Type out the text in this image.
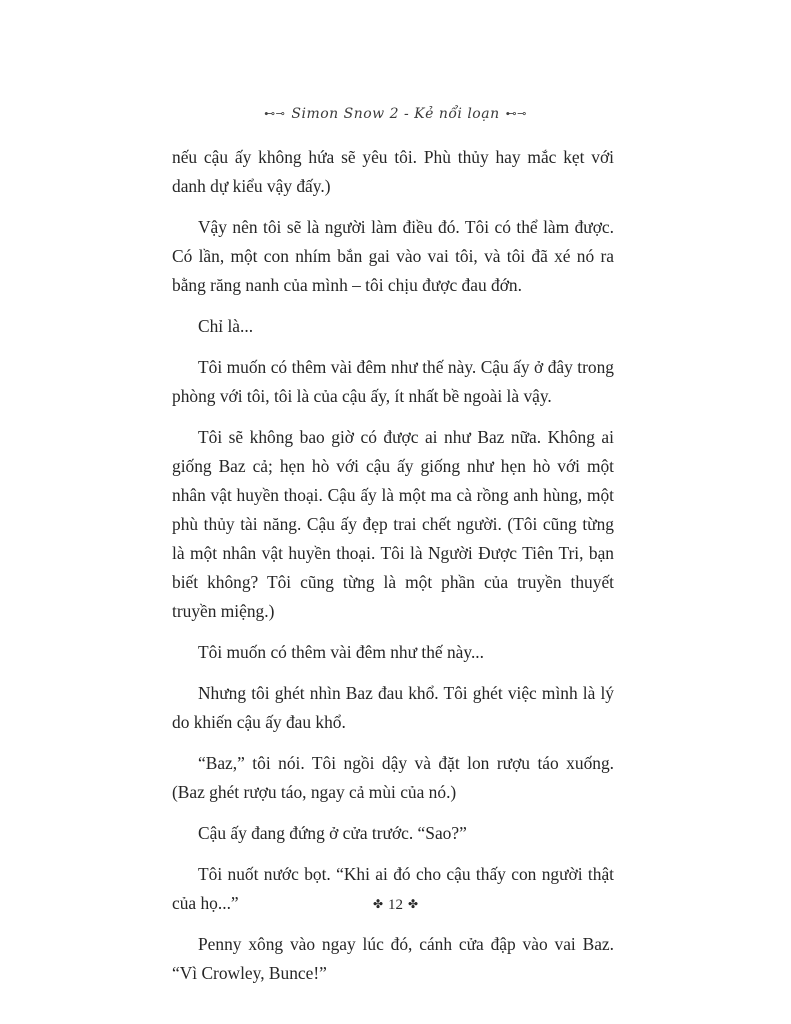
⊷⊸ Simon Snow 2 - Kẻ nổi loạn ⊷⊸

nếu cậu ấy không hứa sẽ yêu tôi. Phù thủy hay mắc kẹt với danh dự kiểu vậy đấy.)

Vậy nên tôi sẽ là người làm điều đó. Tôi có thể làm được. Có lần, một con nhím bắn gai vào vai tôi, và tôi đã xé nó ra bằng răng nanh của mình – tôi chịu được đau đớn.

Chỉ là...

Tôi muốn có thêm vài đêm như thế này. Cậu ấy ở đây trong phòng với tôi, tôi là của cậu ấy, ít nhất bề ngoài là vậy.

Tôi sẽ không bao giờ có được ai như Baz nữa. Không ai giống Baz cả; hẹn hò với cậu ấy giống như hẹn hò với một nhân vật huyền thoại. Cậu ấy là một ma cà rồng anh hùng, một phù thủy tài năng. Cậu ấy đẹp trai chết người. (Tôi cũng từng là một nhân vật huyền thoại. Tôi là Người Được Tiên Tri, bạn biết không? Tôi cũng từng là một phần của truyền thuyết truyền miệng.)

Tôi muốn có thêm vài đêm như thế này...

Nhưng tôi ghét nhìn Baz đau khổ. Tôi ghét việc mình là lý do khiến cậu ấy đau khổ.

“Baz,” tôi nói. Tôi ngồi dậy và đặt lon rượu táo xuống. (Baz ghét rượu táo, ngay cả mùi của nó.)

Cậu ấy đang đứng ở cửa trước. “Sao?”

Tôi nuốt nước bọt. “Khi ai đó cho cậu thấy con người thật của họ...”

Penny xông vào ngay lúc đó, cánh cửa đập vào vai Baz. “Vì Crowley, Bunce!”

✤ 12 ✤
